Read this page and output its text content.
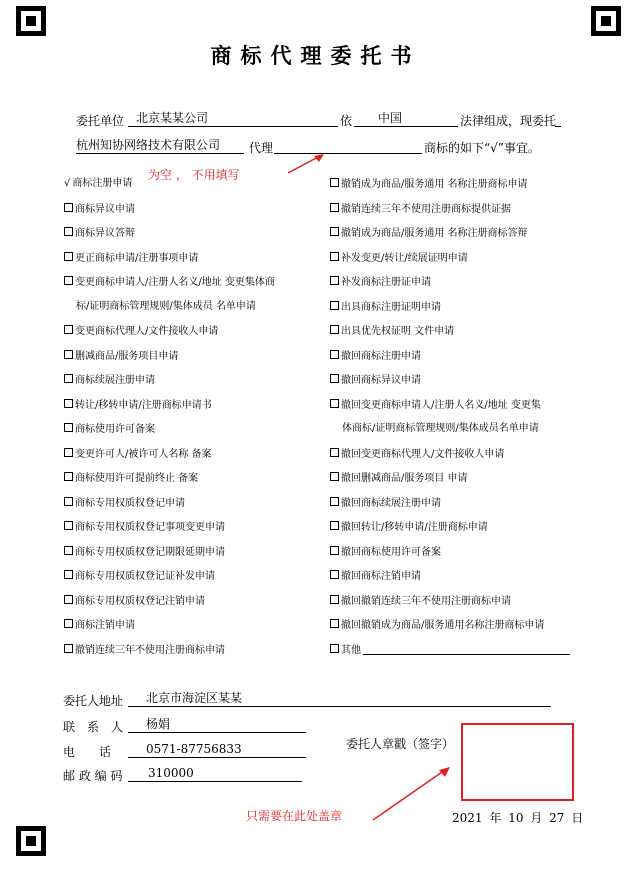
商标代理委托书
委托单位 北京某某公司	依	中国	法律组成，现委托
杭州知协网络技术有限公司	代理	商标的如下“√”事宜。
为空 ， 不用填写
√ 商标注册申请
商标异议申请
商标异议答辩
更正商标申请/注册事项申请
变更商标申请人/注册人名义/地址 变更集体商
标/证明商标管理规则/集体成员 名单申请
变更商标代理人/文件接收人申请
删减商品/服务项目申请
商标续展注册申请
转让/移转申请/注册商标申请书
商标使用许可备案
变更许可人/被许可人名称 备案
商标使用许可提前终止 备案
商标专用权质权登记申请
商标专用权质权登记事项变更申请
商标专用权质权登记期限延期申请
商标专用权质权登记证补发申请
商标专用权质权登记注销申请
商标注销申请
撤销连续三年不使用注册商标申请
撤销成为商品/服务通用 名称注册商标申请
撤销连续三年不使用注册商标提供证据
撤销成为商品/服务通用 名称注册商标答辩
补发变更/转让/续展证明申请
补发商标注册证申请
出具商标注册证明申请
出具优先权证明 文件申请
撤回商标注册申请
撤回商标异议申请
撤回变更商标申请人/注册人名义/地址 变更集
体商标/证明商标管理规则/集体成员名单申请
撤回变更商标代理人/文件接收人申请
撤回删减商品/服务项目 申请
撤回商标续展注册申请
撤回转让/移转申请/注册商标申请
撤回商标使用许可备案
撤回商标注销申请
撤回撤销连续三年不使用注册商标申请
撤回撤销成为商品/服务通用名称注册商标申请
其他
委托人地址	北京市海淀区某某
联　系　人	杨娟
电　　话	0571-87756833
邮 政 编 码	310000
委托人章戳（签字）
只需要在此处盖章	2021 年 10 月 27 日
